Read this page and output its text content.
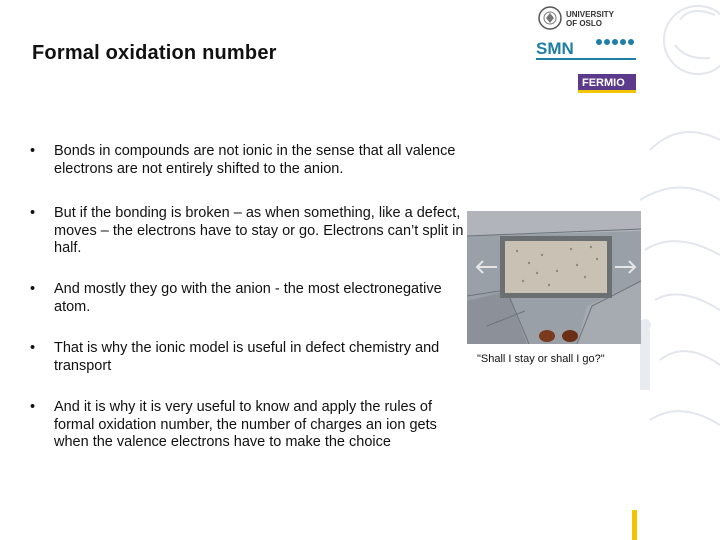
Formal oxidation number
• Bonds in compounds are not ionic in the sense that all valence electrons are not entirely shifted to the anion.
• But if the bonding is broken – as when something, like a defect, moves – the electrons have to stay or go. Electrons can’t split in half.
• And mostly they go with the anion - the most electronegative atom.
• That is why the ionic model is useful in defect chemistry and transport
• And it is why it is very useful to know and apply the rules of formal oxidation number, the number of charges an ion gets when the valence electrons have to make the choice
UNIVERSITY
OF OSLO
SMN
FERMIO
"Shall I stay or shall I go?"
